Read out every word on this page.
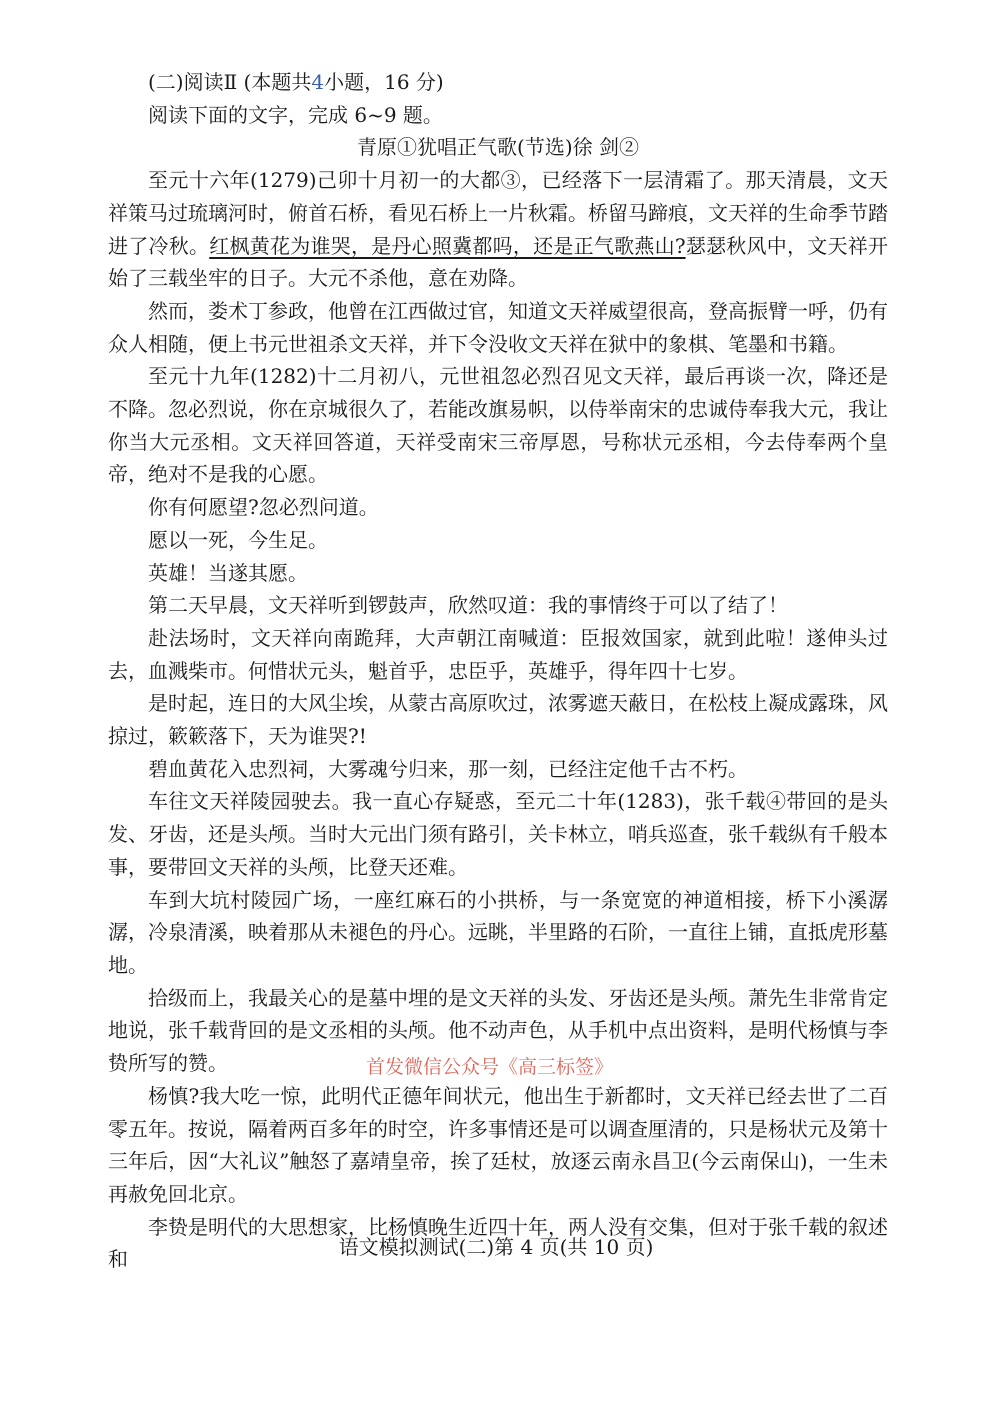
(二)阅读Ⅱ (本题共4小题，16 分)

阅读下面的文字，完成 6~9 题。

青原①犹唱正气歌(节选)徐 剑②

至元十六年(1279)己卯十月初一的大都③，已经落下一层清霜了。那天清晨，文天祥策马过琉璃河时，俯首石桥，看见石桥上一片秋霜。桥留马蹄痕，文天祥的生命季节踏进了冷秋。红枫黄花为谁哭，是丹心照冀都吗，还是正气歌燕山?瑟瑟秋风中，文天祥开始了三载坐牢的日子。大元不杀他，意在劝降。

然而，娄术丁参政，他曾在江西做过官，知道文天祥威望很高，登高振臂一呼，仍有众人相随，便上书元世祖杀文天祥，并下令没收文天祥在狱中的象棋、笔墨和书籍。

至元十九年(1282)十二月初八，元世祖忽必烈召见文天祥，最后再谈一次，降还是不降。忽必烈说，你在京城很久了，若能改旗易帜，以侍举南宋的忠诚侍奉我大元，我让你当大元丞相。文天祥回答道，天祥受南宋三帝厚恩，号称状元丞相，今去侍奉两个皇帝，绝对不是我的心愿。

你有何愿望?忽必烈问道。

愿以一死，今生足。

英雄！当遂其愿。

第二天早晨，文天祥听到锣鼓声，欣然叹道：我的事情终于可以了结了！

赴法场时，文天祥向南跪拜，大声朝江南喊道：臣报效国家，就到此啦！遂伸头过去，血溅柴市。何惜状元头，魁首乎，忠臣乎，英雄乎，得年四十七岁。

是时起，连日的大风尘埃，从蒙古高原吹过，浓雾遮天蔽日，在松枝上凝成露珠，风掠过，簌簌落下，天为谁哭?!

碧血黄花入忠烈祠，大雾魂兮归来，那一刻，已经注定他千古不朽。

车往文天祥陵园驶去。我一直心存疑惑，至元二十年(1283)，张千载④带回的是头发、牙齿，还是头颅。当时大元出门须有路引，关卡林立，哨兵巡查，张千载纵有千般本事，要带回文天祥的头颅，比登天还难。

车到大坑村陵园广场，一座红麻石的小拱桥，与一条宽宽的神道相接，桥下小溪潺潺，冷泉清溪，映着那从未褪色的丹心。远眺，半里路的石阶，一直往上铺，直抵虎形墓地。

拾级而上，我最关心的是墓中埋的是文天祥的头发、牙齿还是头颅。萧先生非常肯定地说，张千载背回的是文丞相的头颅。他不动声色，从手机中点出资料，是明代杨慎与李贽所写的赞。

杨慎?我大吃一惊，此明代正德年间状元，他出生于新都时，文天祥已经去世了二百零五年。按说，隔着两百多年的时空，许多事情还是可以调查厘清的，只是杨状元及第十三年后，因“大礼议”触怒了嘉靖皇帝，挨了廷杖，放逐云南永昌卫(今云南保山)，一生未再赦免回北京。

李贽是明代的大思想家，比杨慎晚生近四十年，两人没有交集，但对于张千载的叙述和

首发微信公众号《高三标签》
语文模拟测试(二)第 4 页(共 10 页)
